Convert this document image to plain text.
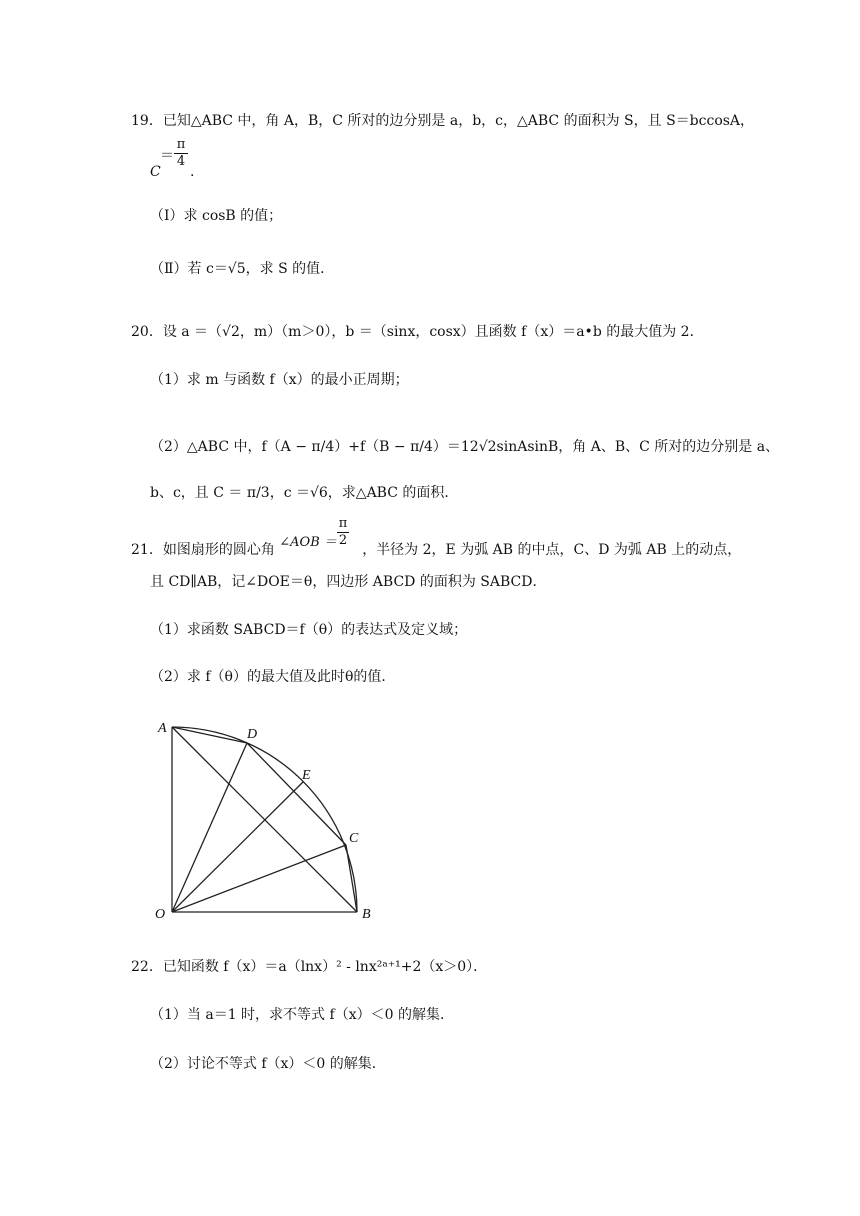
19．已知△ABC 中，角 A，B，C 所对的边分别是 a，b，c，△ABC 的面积为 S，且 S＝bccosA，
π
4
C
＝
.
（Ⅰ）求 cosB 的值；
（Ⅱ）若 c＝√5，求 S 的值．
20．设 a ＝（√2，m）（m＞0），b ＝（sinx，cosx）且函数 f（x）＝a•b 的最大值为 2．
（1）求 m 与函数 f（x）的最小正周期；
（2）△ABC 中，f（A − π/4）+f（B − π/4）＝12√2sinAsinB，角 A、B、C 所对的边分别是 a、
b、c，且 C ＝ π/3，c ＝√6，求△ABC 的面积．
21．如图扇形的圆心角 ∠AOB ＝ ，半径为 2，E 为弧 AB 的中点，C、D 为弧 AB 上的动点，
π
2
且 CD∥AB，记∠DOE＝θ，四边形 ABCD 的面积为 SABCD．
（1）求函数 SABCD＝f（θ）的表达式及定义域；
（2）求 f（θ）的最大值及此时θ的值．
A	D
E
C
O	B
22．已知函数 f（x）＝a（lnx）² - lnx²ᵃ⁺¹+2（x＞0）．
（1）当 a＝1 时，求不等式 f（x）＜0 的解集．
（2）讨论不等式 f（x）＜0 的解集．
